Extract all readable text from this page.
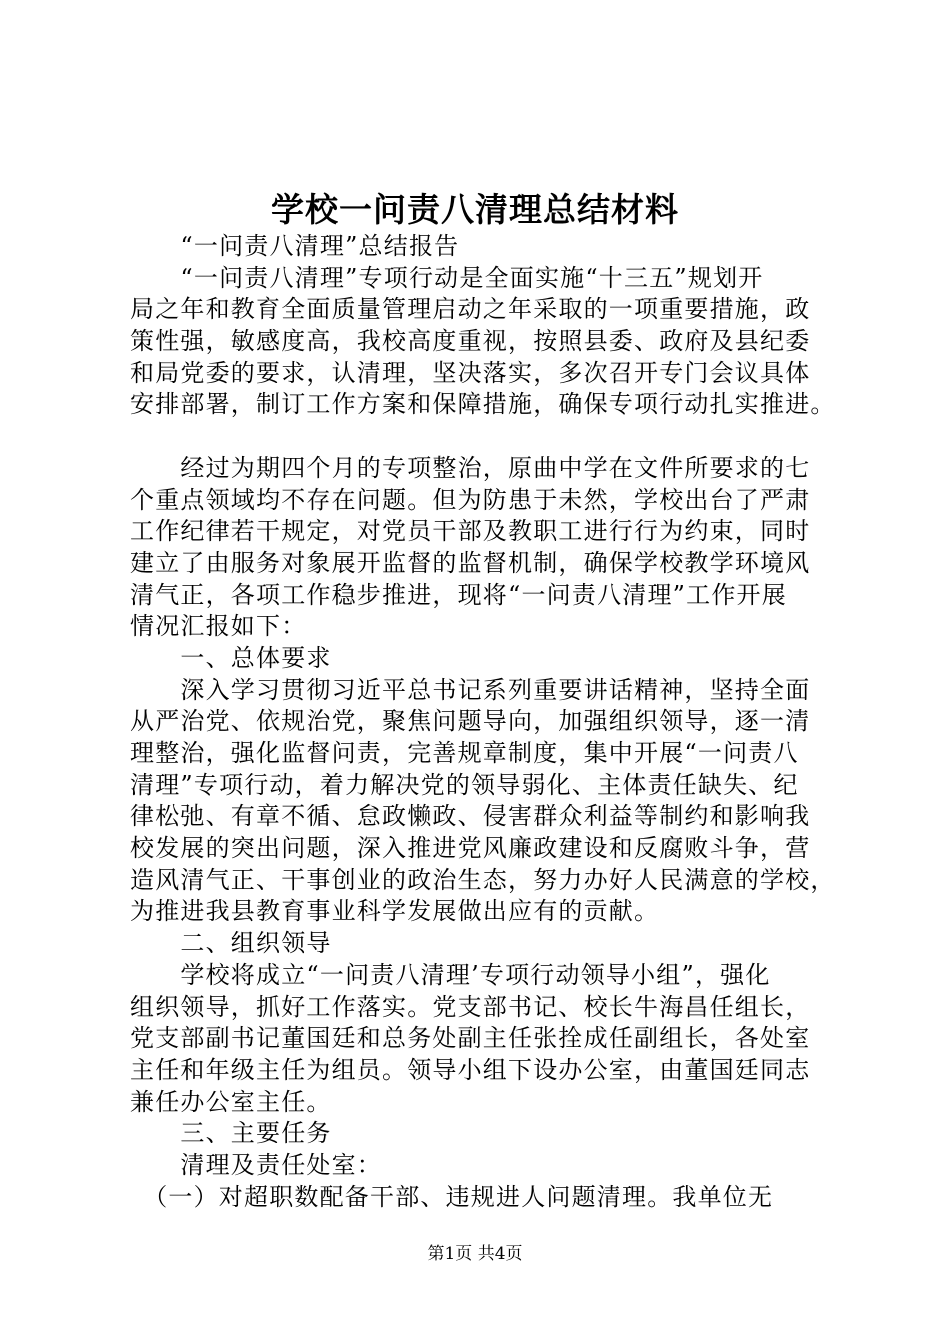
学校一问责八清理总结材料
　　“一问责八清理”总结报告
　　“一问责八清理”专项行动是全面实施“十三五”规划开
局之年和教育全面质量管理启动之年采取的一项重要措施，政
策性强，敏感度高，我校高度重视，按照县委、政府及县纪委
和局党委的要求，认清理，坚决落实，多次召开专门会议具体
安排部署，制订工作方案和保障措施，确保专项行动扎实推进。
　　经过为期四个月的专项整治，原曲中学在文件所要求的七
个重点领域均不存在问题。但为防患于未然，学校出台了严肃
工作纪律若干规定，对党员干部及教职工进行行为约束，同时
建立了由服务对象展开监督的监督机制，确保学校教学环境风
清气正，各项工作稳步推进，现将“一问责八清理”工作开展
情况汇报如下：
　　一、总体要求
　　深入学习贯彻习近平总书记系列重要讲话精神，坚持全面
从严治党、依规治党，聚焦问题导向，加强组织领导，逐一清
理整治，强化监督问责，完善规章制度，集中开展“一问责八
清理”专项行动，着力解决党的领导弱化、主体责任缺失、纪
律松弛、有章不循、怠政懒政、侵害群众利益等制约和影响我
校发展的突出问题，深入推进党风廉政建设和反腐败斗争，营
造风清气正、干事创业的政治生态，努力办好人民满意的学校，
为推进我县教育事业科学发展做出应有的贡献。
　　二、组织领导
　　学校将成立“一问责八清理’专项行动领导小组”，强化
组织领导，抓好工作落实。党支部书记、校长牛海昌任组长，
党支部副书记董国廷和总务处副主任张拴成任副组长，各处室
主任和年级主任为组员。领导小组下设办公室，由董国廷同志
兼任办公室主任。
　　三、主要任务
　　清理及责任处室：
　（一）对超职数配备干部、违规进人问题清理。我单位无
第1页 共4页
